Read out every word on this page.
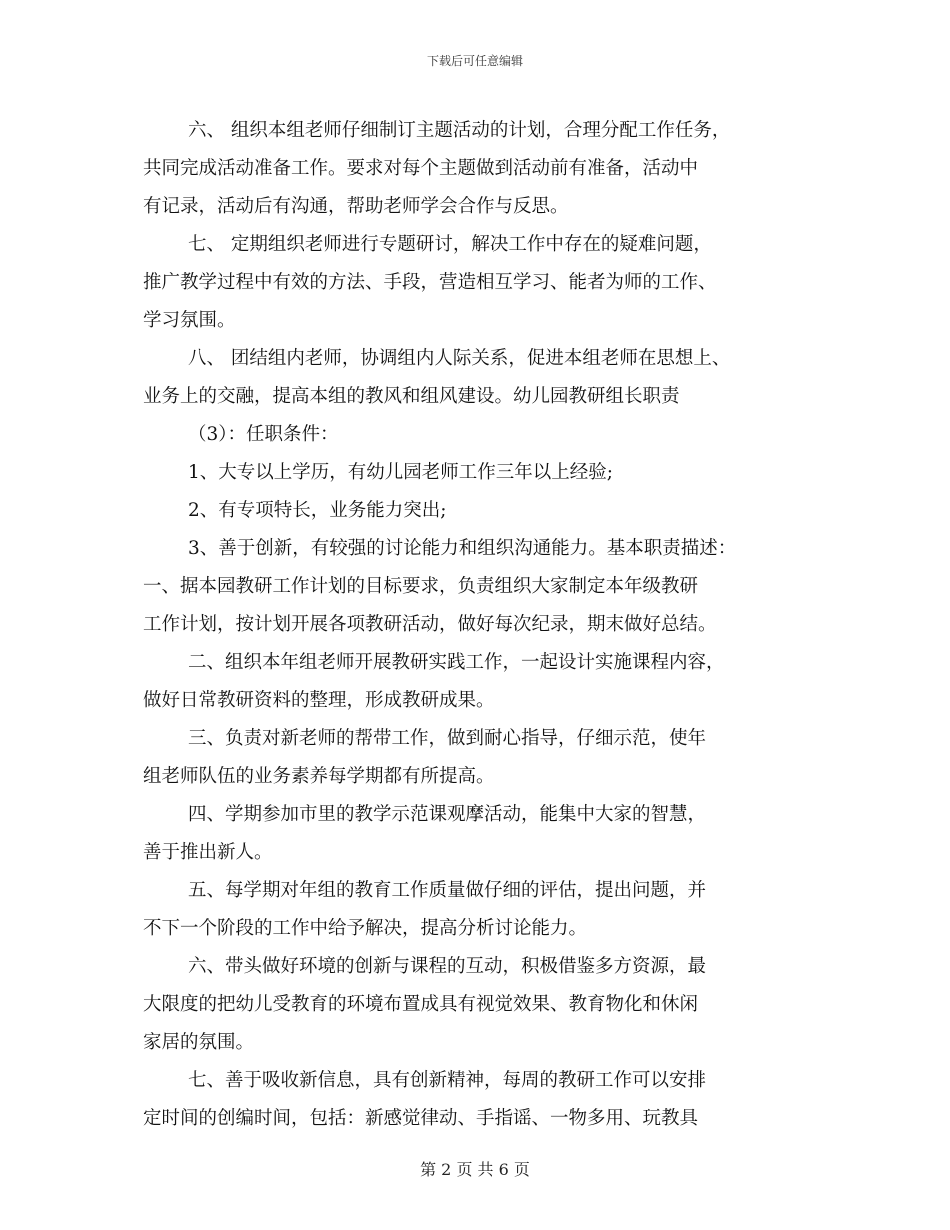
下载后可任意编辑
六、 组织本组老师仔细制订主题活动的计划，合理分配工作任务，
共同完成活动准备工作。要求对每个主题做到活动前有准备，活动中
有记录，活动后有沟通，帮助老师学会合作与反思。
七、 定期组织老师进行专题研讨，解决工作中存在的疑难问题，
推广教学过程中有效的方法、手段，营造相互学习、能者为师的工作、
学习氛围。
八、 团结组内老师，协调组内人际关系，促进本组老师在思想上、
业务上的交融，提高本组的教风和组风建设。幼儿园教研组长职责
（3）：任职条件：
1、大专以上学历，有幼儿园老师工作三年以上经验;
2、有专项特长，业务能力突出;
3、善于创新，有较强的讨论能力和组织沟通能力。基本职责描述：
一、据本园教研工作计划的目标要求，负责组织大家制定本年级教研
工作计划，按计划开展各项教研活动，做好每次纪录，期末做好总结。
二、组织本年组老师开展教研实践工作，一起设计实施课程内容，
做好日常教研资料的整理，形成教研成果。
三、负责对新老师的帮带工作，做到耐心指导，仔细示范，使年
组老师队伍的业务素养每学期都有所提高。
四、学期参加市里的教学示范课观摩活动，能集中大家的智慧，
善于推出新人。
五、每学期对年组的教育工作质量做仔细的评估，提出问题，并
不下一个阶段的工作中给予解决，提高分析讨论能力。
六、带头做好环境的创新与课程的互动，积极借鉴多方资源，最
大限度的把幼儿受教育的环境布置成具有视觉效果、教育物化和休闲
家居的氛围。
七、善于吸收新信息，具有创新精神，每周的教研工作可以安排
定时间的创编时间，包括：新感觉律动、手指谣、一物多用、玩教具
第 2 页 共 6 页
